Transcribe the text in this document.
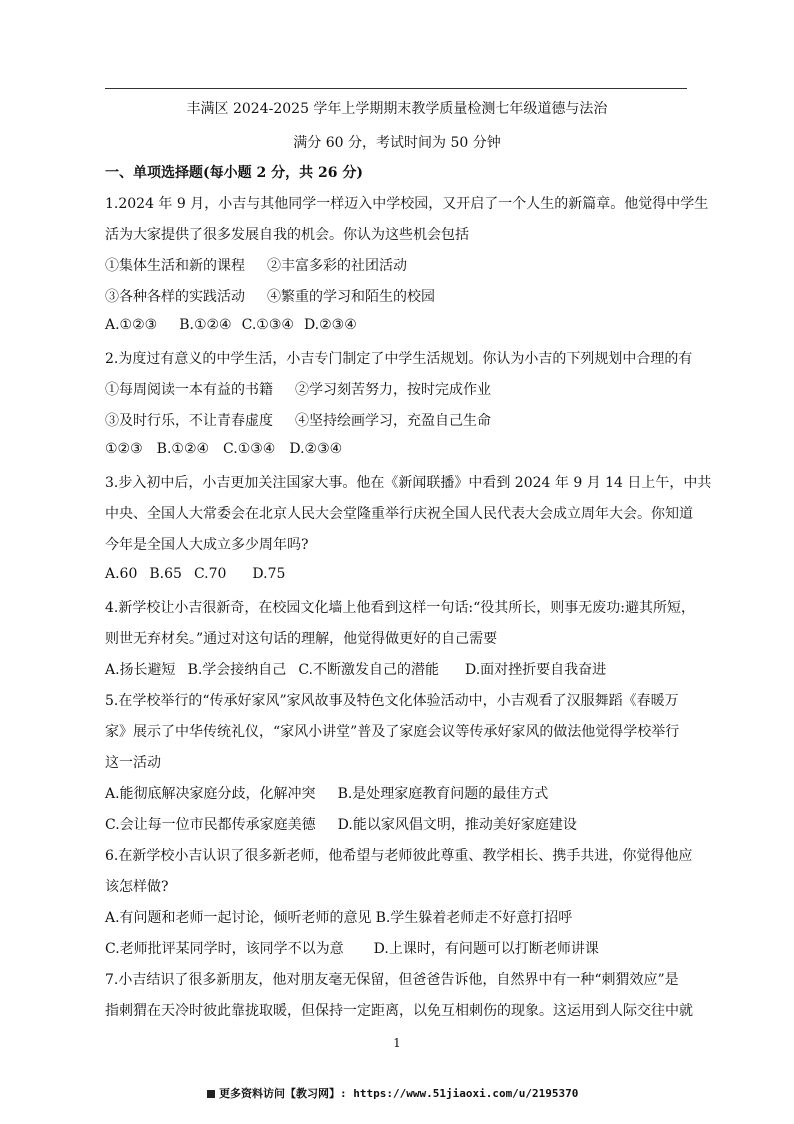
丰满区 2024-2025 学年上学期期末教学质量检测七年级道德与法治
满分 60 分，考试时间为 50 分钟
一、单项选择题(每小题 2 分，共 26 分)
1.2024 年 9 月，小吉与其他同学一样迈入中学校园，又开启了一个人生的新篇章。他觉得中学生
活为大家提供了很多发展自我的机会。你认为这些机会包括
①集体生活和新的课程 ②丰富多彩的社团活动
③各种各样的实践活动 ④繁重的学习和陌生的校园
A.①②③ B.①②④ C.①③④ D.②③④
2.为度过有意义的中学生活，小吉专门制定了中学生活规划。你认为小吉的下列规划中合理的有
①每周阅读一本有益的书籍 ②学习刻苦努力，按时完成作业
③及时行乐，不让青春虚度 ④坚持绘画学习，充盈自己生命
①②③ B.①②④ C.①③④ D.②③④
3.步入初中后，小吉更加关注国家大事。他在《新闻联播》中看到 2024 年 9 月 14 日上午，中共
中央、全国人大常委会在北京人民大会堂隆重举行庆祝全国人民代表大会成立周年大会。你知道
今年是全国人大成立多少周年吗?
A.60 B.65 C.70 D.75
4.新学校让小吉很新奇，在校园文化墙上他看到这样一句话:“役其所长，则事无废功:避其所短，
则世无弃材矣。”通过对这句话的理解，他觉得做更好的自己需要
A.扬长避短 B.学会接纳自己 C.不断激发自己的潜能 D.面对挫折要自我奋进
5.在学校举行的“传承好家风”家风故事及特色文化体验活动中，小吉观看了汉服舞蹈《春暖万
家》展示了中华传统礼仪，“家风小讲堂”普及了家庭会议等传承好家风的做法他觉得学校举行
这一活动
A.能彻底解决家庭分歧，化解冲突 B.是处理家庭教育问题的最佳方式
C.会让每一位市民都传承家庭美德 D.能以家风倡文明，推动美好家庭建设
6.在新学校小吉认识了很多新老师，他希望与老师彼此尊重、教学相长、携手共进，你觉得他应
该怎样做?
A.有问题和老师一起讨论，倾听老师的意见 B.学生躲着老师走不好意打招呼
C.老师批评某同学时，该同学不以为意 D.上课时，有问题可以打断老师讲课
7.小吉结识了很多新朋友，他对朋友毫无保留，但爸爸告诉他，自然界中有一种“刺猬效应”是
指刺猬在天冷时彼此靠拢取暖，但保持一定距离，以免互相刺伤的现象。这运用到人际交往中就
1
更多资料访问【教习网】: https://www.51jiaoxi.com/u/2195370
